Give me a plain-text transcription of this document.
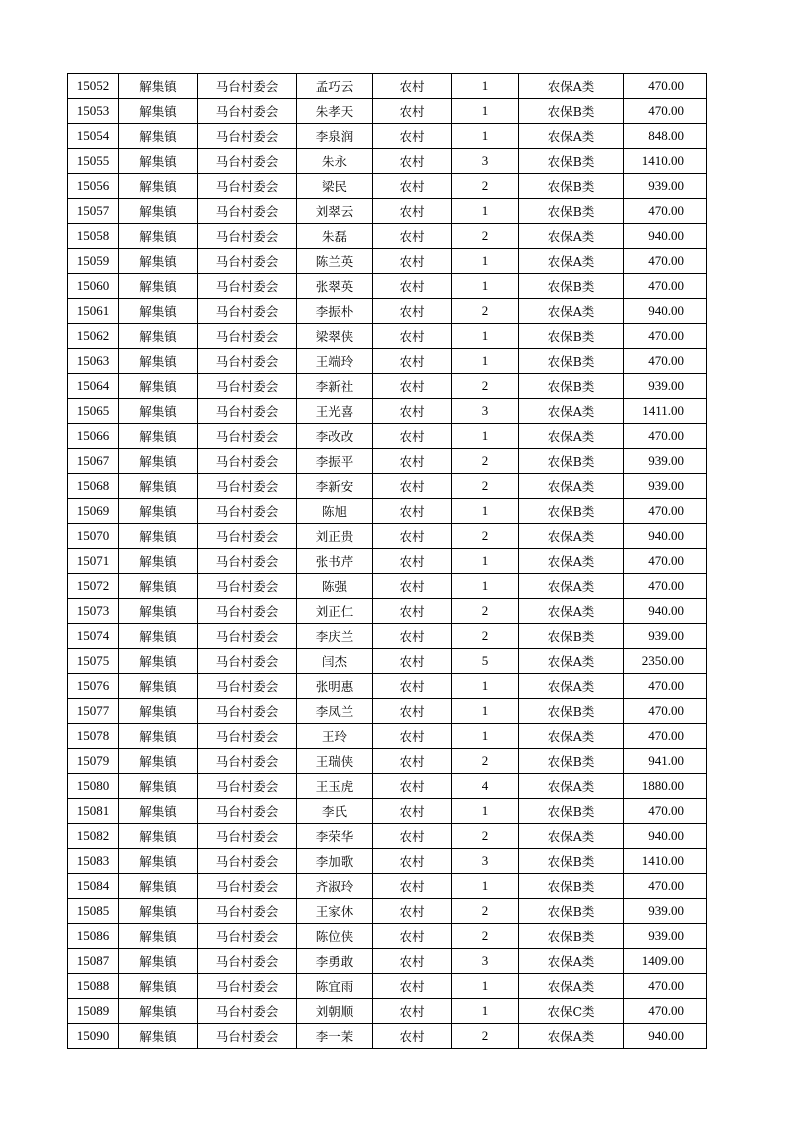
15052	解集镇	马台村委会	孟巧云	农村	1	农保A类	470.00
15053	解集镇	马台村委会	朱孝天	农村	1	农保B类	470.00
15054	解集镇	马台村委会	李泉润	农村	1	农保A类	848.00
15055	解集镇	马台村委会	朱永	农村	3	农保B类	1410.00
15056	解集镇	马台村委会	梁民	农村	2	农保B类	939.00
15057	解集镇	马台村委会	刘翠云	农村	1	农保B类	470.00
15058	解集镇	马台村委会	朱磊	农村	2	农保A类	940.00
15059	解集镇	马台村委会	陈兰英	农村	1	农保A类	470.00
15060	解集镇	马台村委会	张翠英	农村	1	农保B类	470.00
15061	解集镇	马台村委会	李振朴	农村	2	农保A类	940.00
15062	解集镇	马台村委会	梁翠侠	农村	1	农保B类	470.00
15063	解集镇	马台村委会	王端玲	农村	1	农保B类	470.00
15064	解集镇	马台村委会	李新社	农村	2	农保B类	939.00
15065	解集镇	马台村委会	王光喜	农村	3	农保A类	1411.00
15066	解集镇	马台村委会	李改改	农村	1	农保A类	470.00
15067	解集镇	马台村委会	李振平	农村	2	农保B类	939.00
15068	解集镇	马台村委会	李新安	农村	2	农保A类	939.00
15069	解集镇	马台村委会	陈旭	农村	1	农保B类	470.00
15070	解集镇	马台村委会	刘正贵	农村	2	农保A类	940.00
15071	解集镇	马台村委会	张书芹	农村	1	农保A类	470.00
15072	解集镇	马台村委会	陈强	农村	1	农保A类	470.00
15073	解集镇	马台村委会	刘正仁	农村	2	农保A类	940.00
15074	解集镇	马台村委会	李庆兰	农村	2	农保B类	939.00
15075	解集镇	马台村委会	闫杰	农村	5	农保A类	2350.00
15076	解集镇	马台村委会	张明惠	农村	1	农保A类	470.00
15077	解集镇	马台村委会	李凤兰	农村	1	农保B类	470.00
15078	解集镇	马台村委会	王玲	农村	1	农保A类	470.00
15079	解集镇	马台村委会	王瑞侠	农村	2	农保B类	941.00
15080	解集镇	马台村委会	王玉虎	农村	4	农保A类	1880.00
15081	解集镇	马台村委会	李氏	农村	1	农保B类	470.00
15082	解集镇	马台村委会	李荣华	农村	2	农保A类	940.00
15083	解集镇	马台村委会	李加歌	农村	3	农保B类	1410.00
15084	解集镇	马台村委会	齐淑玲	农村	1	农保B类	470.00
15085	解集镇	马台村委会	王家休	农村	2	农保B类	939.00
15086	解集镇	马台村委会	陈位侠	农村	2	农保B类	939.00
15087	解集镇	马台村委会	李勇敢	农村	3	农保A类	1409.00
15088	解集镇	马台村委会	陈宜雨	农村	1	农保A类	470.00
15089	解集镇	马台村委会	刘朝顺	农村	1	农保C类	470.00
15090	解集镇	马台村委会	李一茉	农村	2	农保A类	940.00
